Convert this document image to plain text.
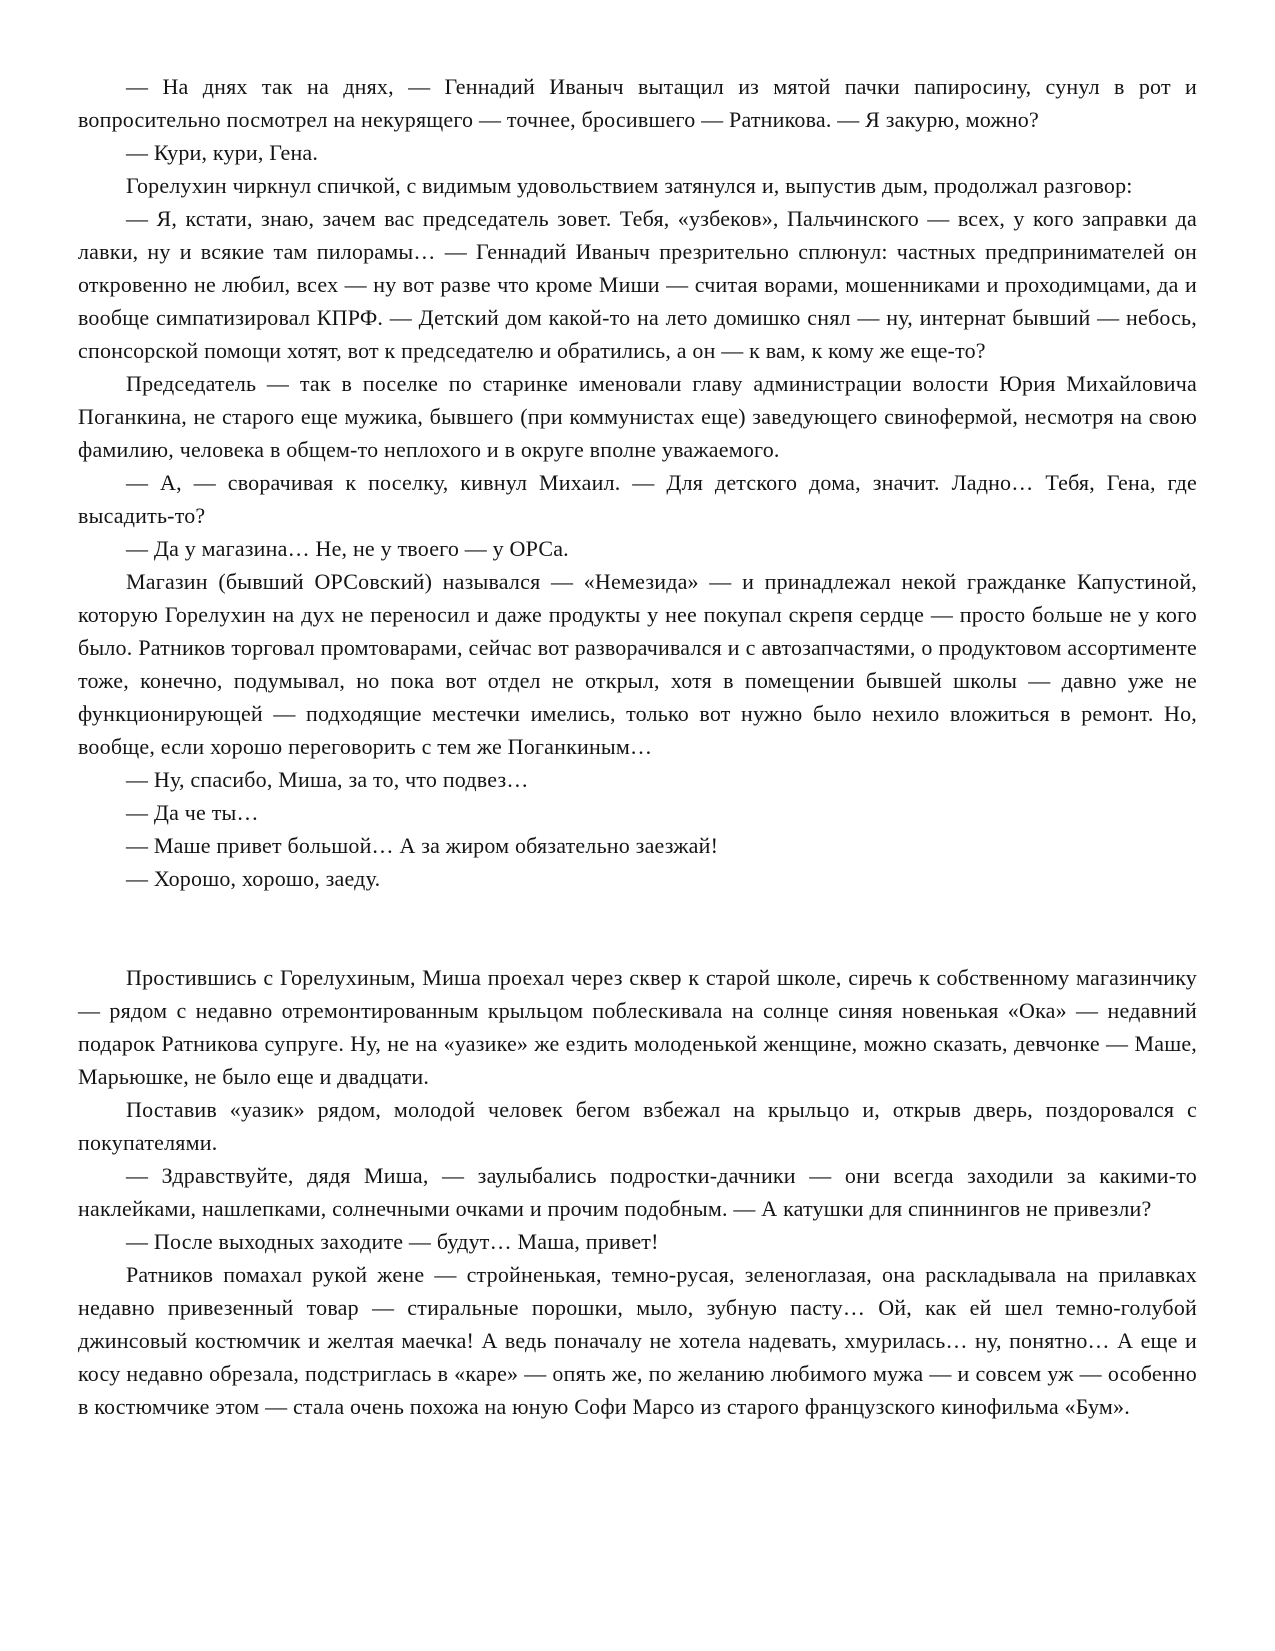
— На днях так на днях, — Геннадий Иваныч вытащил из мятой пачки папиросину, сунул в рот и вопросительно посмотрел на некурящего — точнее, бросившего — Ратникова. — Я закурю, можно?

— Кури, кури, Гена.

Горелухин чиркнул спичкой, с видимым удовольствием затянулся и, выпустив дым, продолжал разговор:

— Я, кстати, знаю, зачем вас председатель зовет. Тебя, «узбеков», Пальчинского — всех, у кого заправки да лавки, ну и всякие там пилорамы… — Геннадий Иваныч презрительно сплюнул: частных предпринимателей он откровенно не любил, всех — ну вот разве что кроме Миши — считая ворами, мошенниками и проходимцами, да и вообще симпатизировал КПРФ. — Детский дом какой-то на лето домишко снял — ну, интернат бывший — небось, спонсорской помощи хотят, вот к председателю и обратились, а он — к вам, к кому же еще-то?

Председатель — так в поселке по старинке именовали главу администрации волости Юрия Михайловича Поганкина, не старого еще мужика, бывшего (при коммунистах еще) заведующего свинофермой, несмотря на свою фамилию, человека в общем-то неплохого и в округе вполне уважаемого.

— А, — сворачивая к поселку, кивнул Михаил. — Для детского дома, значит. Ладно… Тебя, Гена, где высадить-то?

— Да у магазина… Не, не у твоего — у ОРСа.

Магазин (бывший ОРСовский) назывался — «Немезида» — и принадлежал некой гражданке Капустиной, которую Горелухин на дух не переносил и даже продукты у нее покупал скрепя сердце — просто больше не у кого было. Ратников торговал промтоварами, сейчас вот разворачивался и с автозапчастями, о продуктовом ассортименте тоже, конечно, подумывал, но пока вот отдел не открыл, хотя в помещении бывшей школы — давно уже не функционирующей — подходящие местечки имелись, только вот нужно было нехило вложиться в ремонт. Но, вообще, если хорошо переговорить с тем же Поганкиным…

— Ну, спасибо, Миша, за то, что подвез…

— Да че ты…

— Маше привет большой… А за жиром обязательно заезжай!

— Хорошо, хорошо, заеду.

Простившись с Горелухиным, Миша проехал через сквер к старой школе, сиречь к собственному магазинчику — рядом с недавно отремонтированным крыльцом поблескивала на солнце синяя новенькая «Ока» — недавний подарок Ратникова супруге. Ну, не на «уазике» же ездить молоденькой женщине, можно сказать, девчонке — Маше, Марьюшке, не было еще и двадцати.

Поставив «уазик» рядом, молодой человек бегом взбежал на крыльцо и, открыв дверь, поздоровался с покупателями.

— Здравствуйте, дядя Миша, — заулыбались подростки-дачники — они всегда заходили за какими-то наклейками, нашлепками, солнечными очками и прочим подобным. — А катушки для спиннингов не привезли?

— После выходных заходите — будут… Маша, привет!

Ратников помахал рукой жене — стройненькая, темно-русая, зеленоглазая, она раскладывала на прилавках недавно привезенный товар — стиральные порошки, мыло, зубную пасту… Ой, как ей шел темно-голубой джинсовый костюмчик и желтая маечка! А ведь поначалу не хотела надевать, хмурилась… ну, понятно… А еще и косу недавно обрезала, подстриглась в «каре» — опять же, по желанию любимого мужа — и совсем уж — особенно в костюмчике этом — стала очень похожа на юную Софи Марсо из старого французского кинофильма «Бум».
